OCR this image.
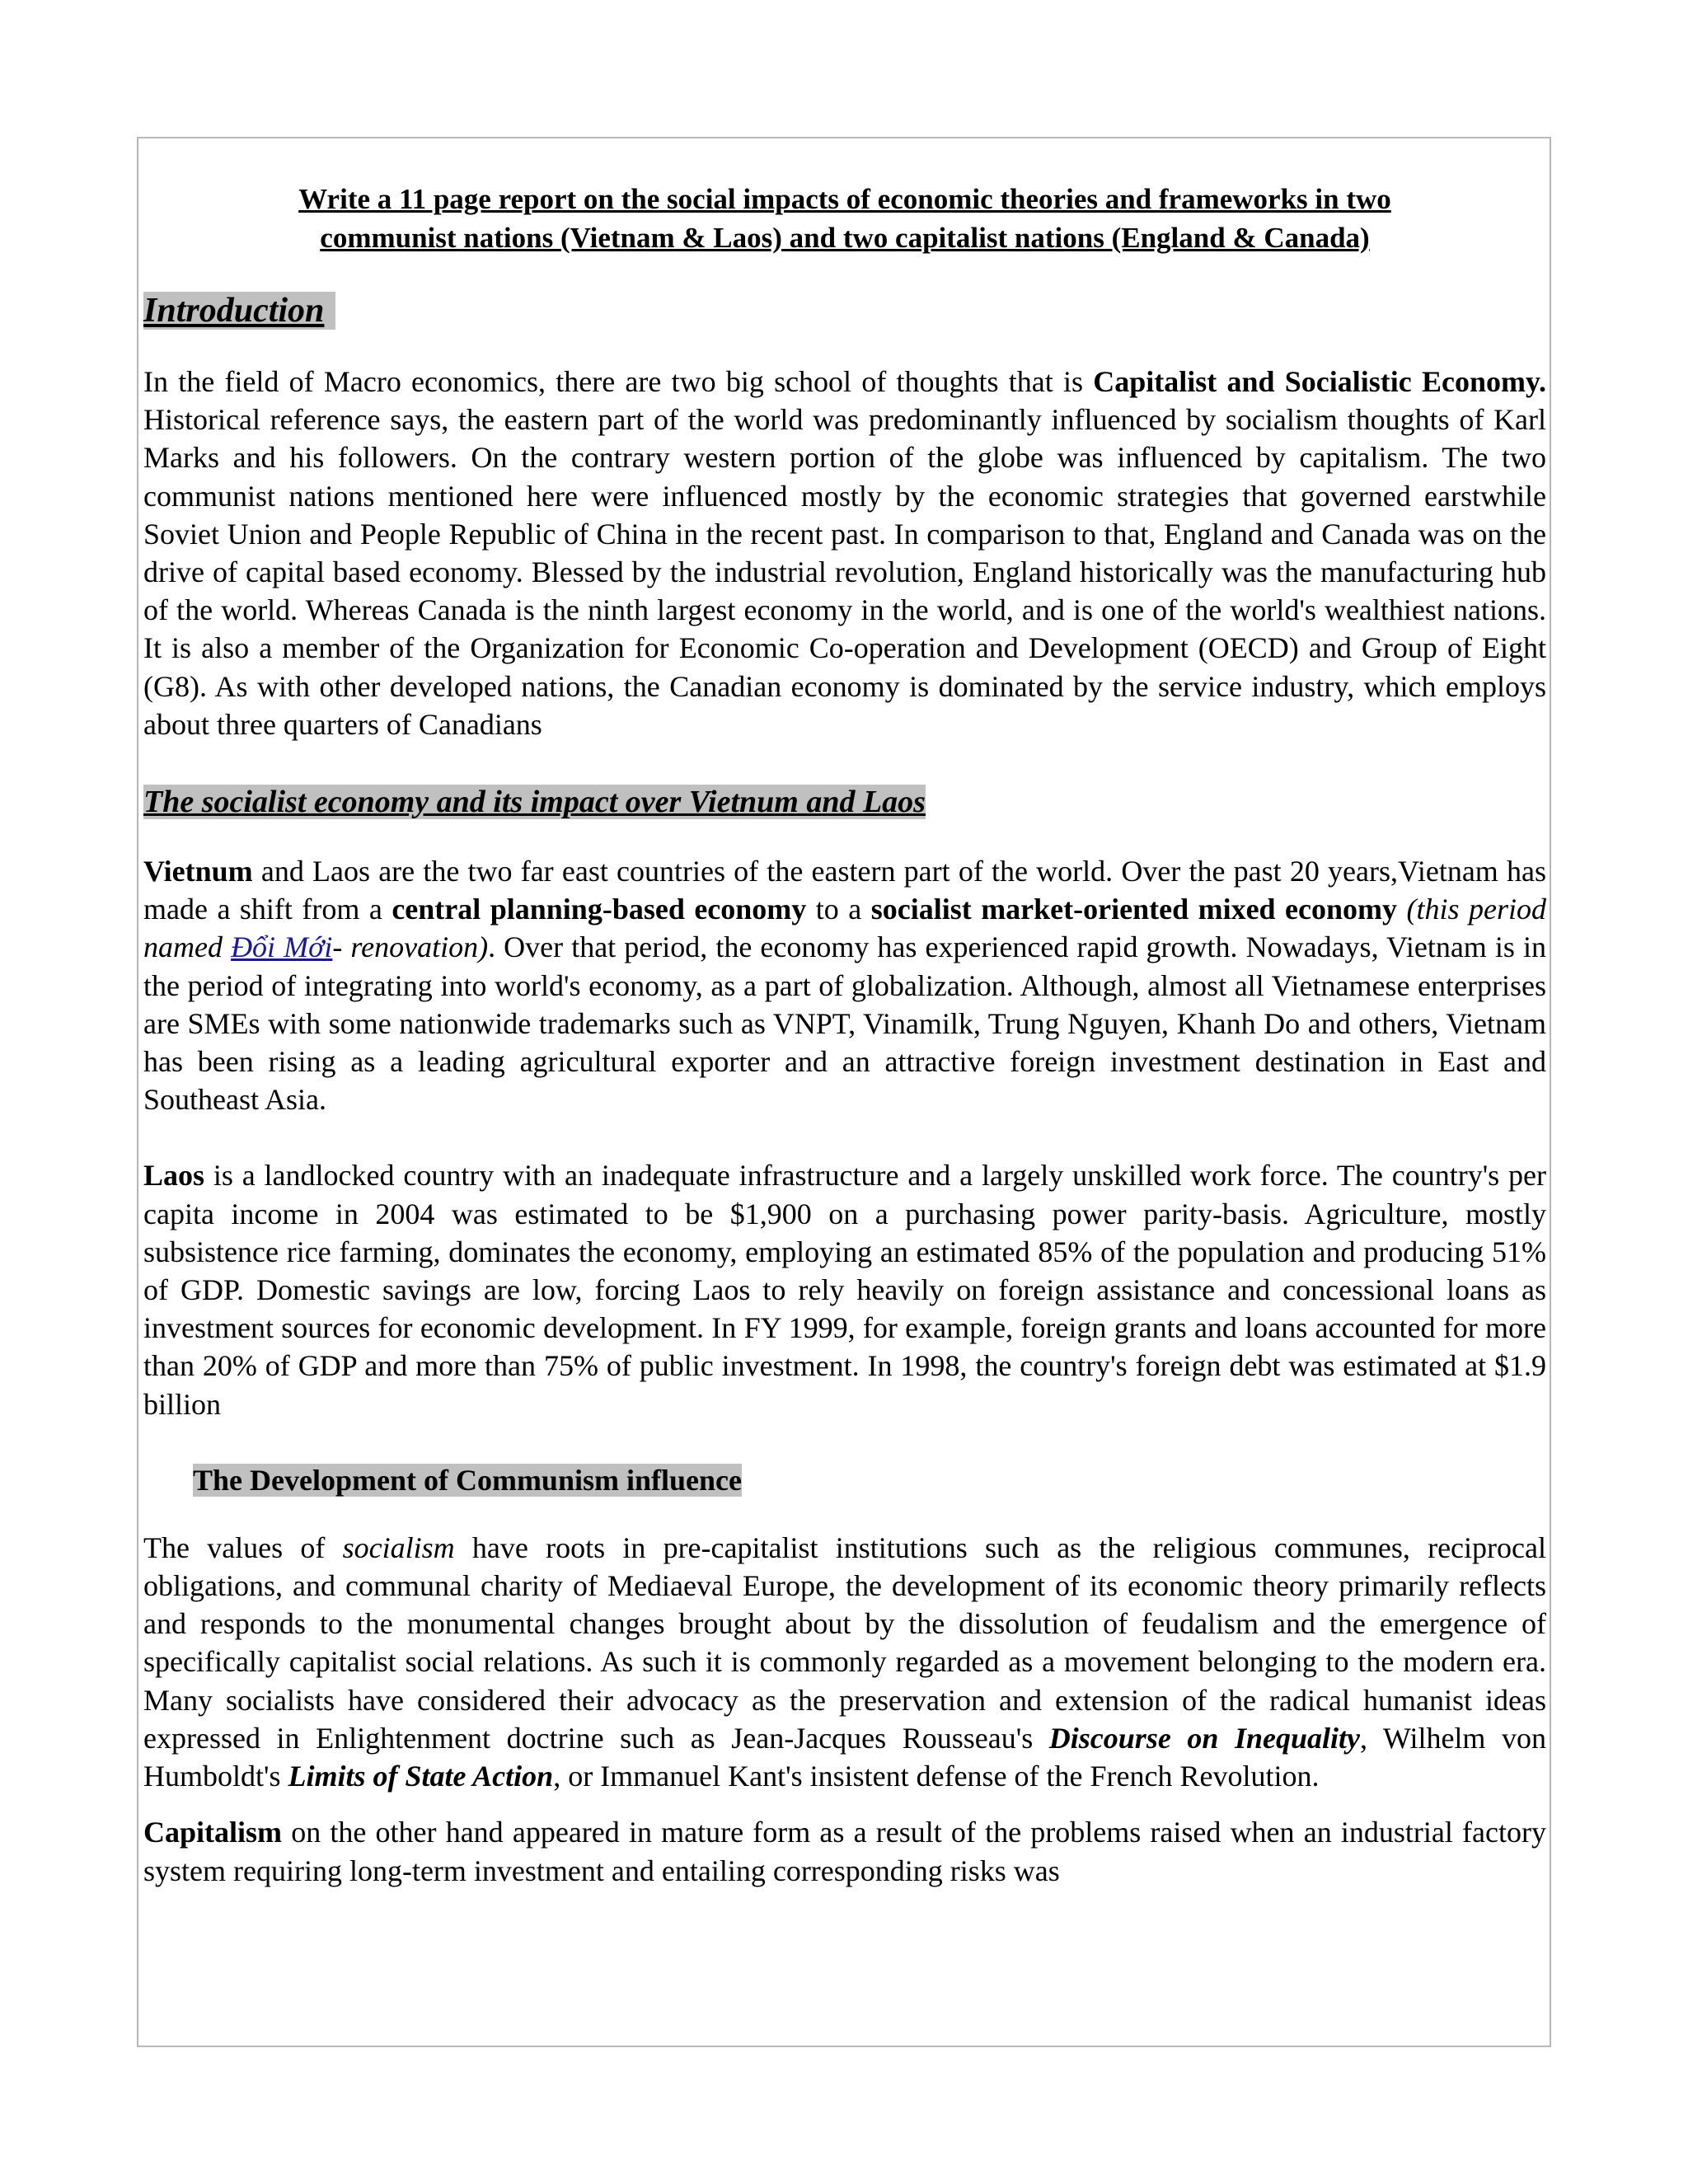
Write a 11 page report on the social impacts of economic theories and frameworks in two
communist nations (Vietnam & Laos) and two capitalist nations (England & Canada)
Introduction

In the field of Macro economics, there are two big school of thoughts that is Capitalist and Socialistic Economy. Historical reference says, the eastern part of the world was predominantly influenced by socialism thoughts of Karl Marks and his followers. On the contrary western portion of the globe was influenced by capitalism. The two communist nations mentioned here were influenced mostly by the economic strategies that governed earstwhile Soviet Union and People Republic of China in the recent past. In comparison to that, England and Canada was on the drive of capital based economy. Blessed by the industrial revolution, England historically was the manufacturing hub of the world. Whereas Canada is the ninth largest economy in the world, and is one of the world's wealthiest nations. It is also a member of the Organization for Economic Co-operation and Development (OECD) and Group of Eight (G8). As with other developed nations, the Canadian economy is dominated by the service industry, which employs about three quarters of Canadians

The socialist economy and its impact over Vietnum and Laos

Vietnum and Laos are the two far east countries of the eastern part of the world. Over the past 20 years,Vietnam has made a shift from a central planning-based economy to a socialist market-oriented mixed economy (this period named Đổi Mới- renovation). Over that period, the economy has experienced rapid growth. Nowadays, Vietnam is in the period of integrating into world's economy, as a part of globalization. Although, almost all Vietnamese enterprises are SMEs with some nationwide trademarks such as VNPT, Vinamilk, Trung Nguyen, Khanh Do and others, Vietnam has been rising as a leading agricultural exporter and an attractive foreign investment destination in East and Southeast Asia.

Laos is a landlocked country with an inadequate infrastructure and a largely unskilled work force. The country's per capita income in 2004 was estimated to be $1,900 on a purchasing power parity-basis. Agriculture, mostly subsistence rice farming, dominates the economy, employing an estimated 85% of the population and producing 51% of GDP. Domestic savings are low, forcing Laos to rely heavily on foreign assistance and concessional loans as investment sources for economic development. In FY 1999, for example, foreign grants and loans accounted for more than 20% of GDP and more than 75% of public investment. In 1998, the country's foreign debt was estimated at $1.9 billion

The Development of Communism influence

The values of socialism have roots in pre-capitalist institutions such as the religious communes, reciprocal obligations, and communal charity of Mediaeval Europe, the development of its economic theory primarily reflects and responds to the monumental changes brought about by the dissolution of feudalism and the emergence of specifically capitalist social relations. As such it is commonly regarded as a movement belonging to the modern era. Many socialists have considered their advocacy as the preservation and extension of the radical humanist ideas expressed in Enlightenment doctrine such as Jean-Jacques Rousseau's Discourse on Inequality, Wilhelm von Humboldt's Limits of State Action, or Immanuel Kant's insistent defense of the French Revolution.

Capitalism on the other hand appeared in mature form as a result of the problems raised when an industrial factory system requiring long-term investment and entailing corresponding risks was
